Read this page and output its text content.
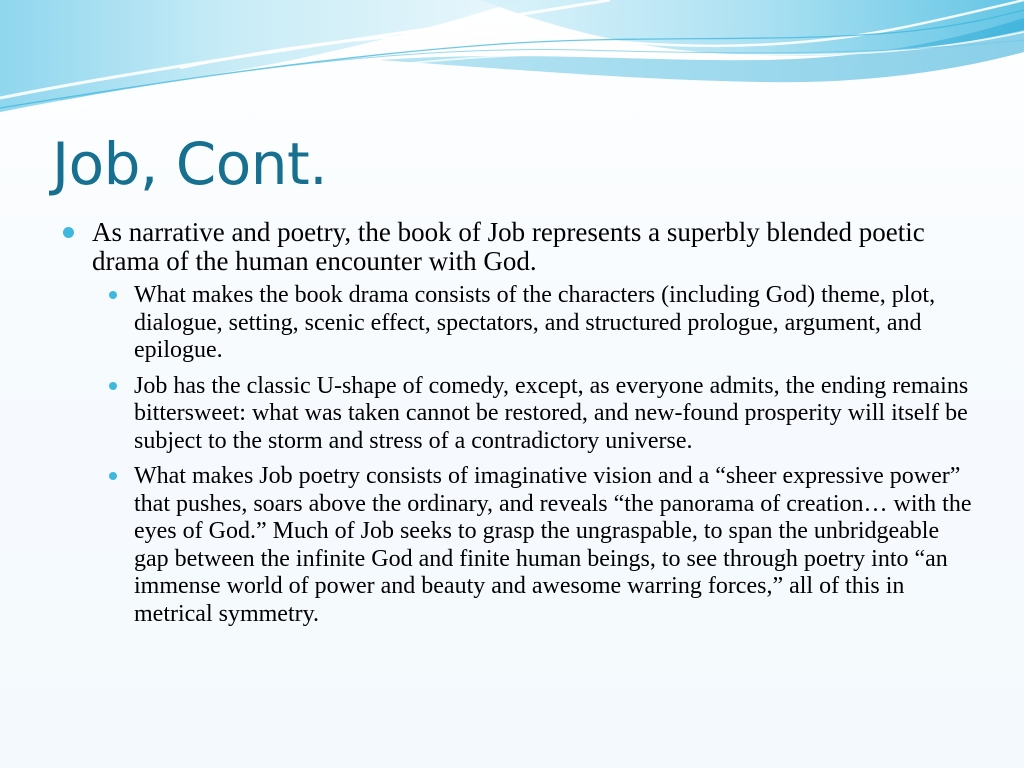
Job, Cont.
As narrative and poetry, the book of Job represents a superbly blended poetic drama of the human encounter with God.
What makes the book drama consists of the characters (including God) theme, plot, dialogue, setting, scenic effect, spectators, and structured prologue, argument, and epilogue.
Job has the classic U-shape of comedy, except, as everyone admits, the ending remains bittersweet: what was taken cannot be restored, and new-found prosperity will itself be subject to the storm and stress of a contradictory universe.
What makes Job poetry consists of imaginative vision and a “sheer expressive power” that pushes, soars above the ordinary, and reveals “the panorama of creation… with the eyes of God.” Much of Job seeks to grasp the ungraspable, to span the unbridgeable gap between the infinite God and finite human beings, to see through poetry into “an immense world of power and beauty and awesome warring forces,” all of this in metrical symmetry.
